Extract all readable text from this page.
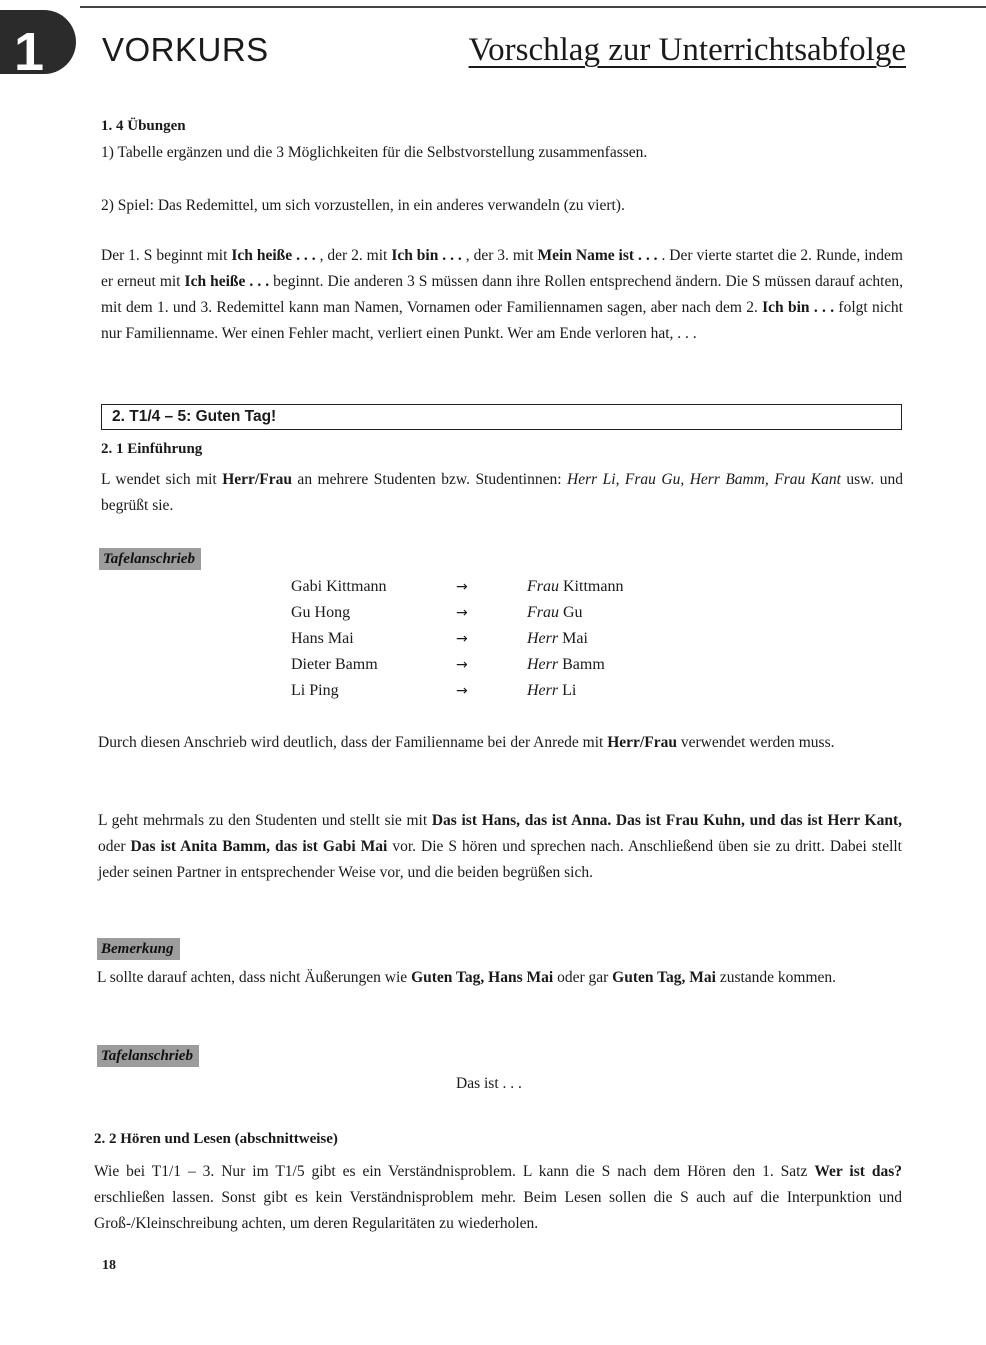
1 VORKURS	Vorschlag zur Unterrichtsabfolge
1. 4 Übungen
1) Tabelle ergänzen und die 3 Möglichkeiten für die Selbstvorstellung zusammenfassen.
2) Spiel: Das Redemittel, um sich vorzustellen, in ein anderes verwandeln (zu viert).
Der 1. S beginnt mit Ich heiße . . . , der 2. mit Ich bin . . . , der 3. mit Mein Name ist . . . . Der vierte startet die 2. Runde, indem er erneut mit Ich heiße . . . beginnt. Die anderen 3 S müssen dann ihre Rollen entsprechend ändern. Die S müssen darauf achten, mit dem 1. und 3. Redemittel kann man Namen, Vornamen oder Familiennamen sagen, aber nach dem 2. Ich bin . . . folgt nicht nur Familienname. Wer einen Fehler macht, verliert einen Punkt. Wer am Ende verloren hat, . . .
2. T1/4 – 5: Guten Tag!
2. 1 Einführung
L wendet sich mit Herr/Frau an mehrere Studenten bzw. Studentinnen: Herr Li, Frau Gu, Herr Bamm, Frau Kant usw. und begrüßt sie.
Tafelanschrieb
Gabi Kittmann	→	Frau Kittmann
Gu Hong	→	Frau Gu
Hans Mai	→	Herr Mai
Dieter Bamm	→	Herr Bamm
Li Ping	→	Herr Li
Durch diesen Anschrieb wird deutlich, dass der Familienname bei der Anrede mit Herr/Frau verwendet werden muss.
L geht mehrmals zu den Studenten und stellt sie mit Das ist Hans, das ist Anna. Das ist Frau Kuhn, und das ist Herr Kant, oder Das ist Anita Bamm, das ist Gabi Mai vor. Die S hören und sprechen nach. Anschließend üben sie zu dritt. Dabei stellt jeder seinen Partner in entsprechender Weise vor, und die beiden begrüßen sich.
Bemerkung
L sollte darauf achten, dass nicht Äußerungen wie Guten Tag, Hans Mai oder gar Guten Tag, Mai zustande kommen.
Tafelanschrieb
Das ist . . .
2. 2 Hören und Lesen (abschnittweise)
Wie bei T1/1 – 3. Nur im T1/5 gibt es ein Verständnisproblem. L kann die S nach dem Hören den 1. Satz Wer ist das? erschließen lassen. Sonst gibt es kein Verständnisproblem mehr. Beim Lesen sollen die S auch auf die Interpunktion und Groß-/Kleinschreibung achten, um deren Regularitäten zu wiederholen.
18
